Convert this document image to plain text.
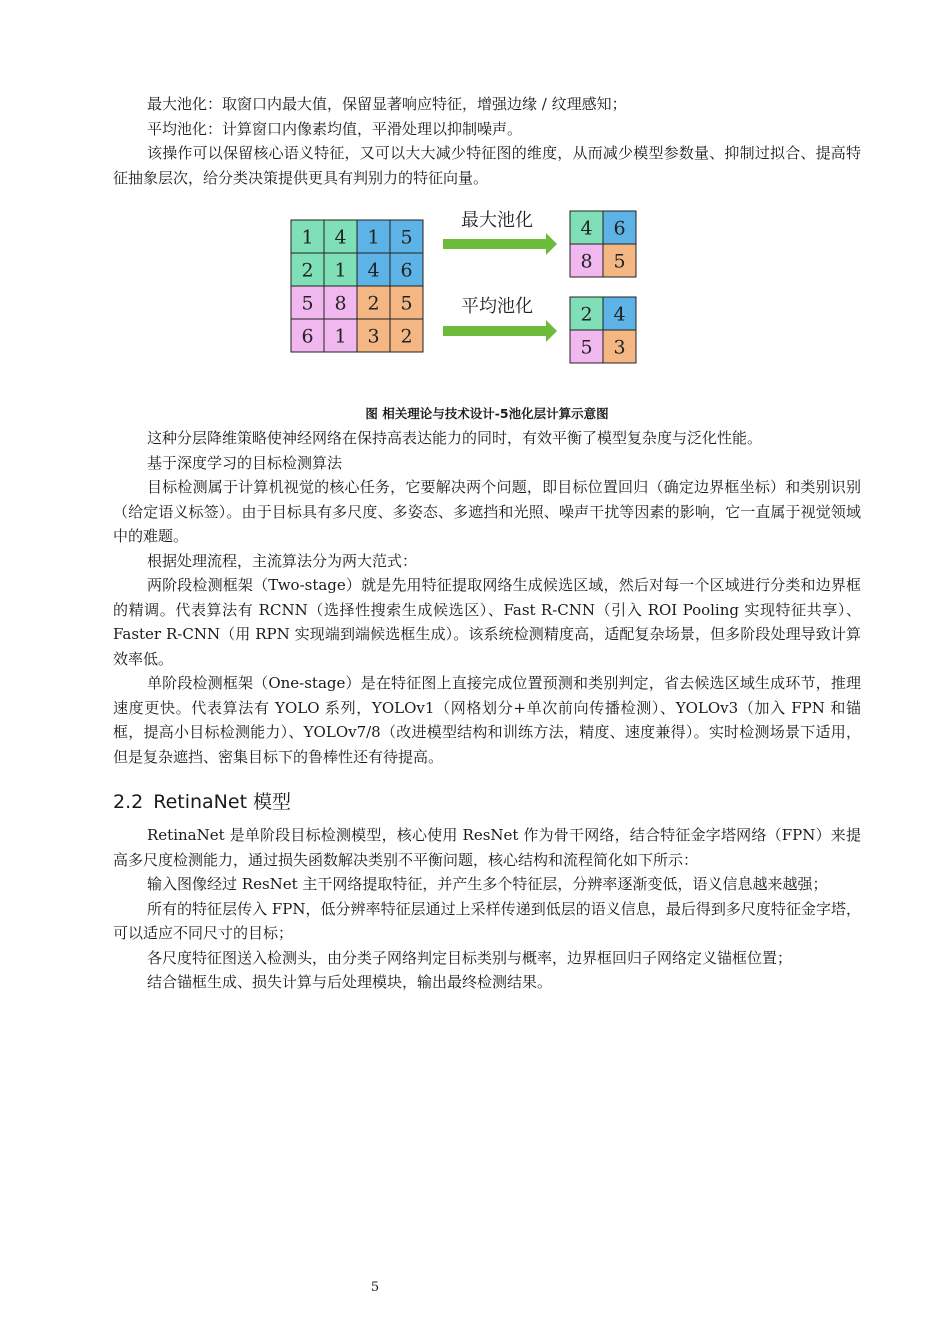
最大池化：取窗口内最大值，保留显著响应特征，增强边缘 / 纹理感知；

平均池化：计算窗口内像素均值，平滑处理以抑制噪声。

该操作可以保留核心语义特征，又可以大大减少特征图的维度，从而减少模型参数量、抑制过拟合、提高特征抽象层次，给分类决策提供更具有判别力的特征向量。

1 4 1 5
2 1 4 6
5 8 2 5
6 1 3 2
4 6
8 5
2 4
5 3
最大池化
平均池化
图 相关理论与技术设计-5池化层计算示意图

这种分层降维策略使神经网络在保持高表达能力的同时，有效平衡了模型复杂度与泛化性能。

基于深度学习的目标检测算法

目标检测属于计算机视觉的核心任务，它要解决两个问题，即目标位置回归（确定边界框坐标）和类别识别（给定语义标签）。由于目标具有多尺度、多姿态、多遮挡和光照、噪声干扰等因素的影响，它一直属于视觉领域中的难题。

根据处理流程，主流算法分为两大范式：

两阶段检测框架（Two-stage）就是先用特征提取网络生成候选区域，然后对每一个区域进行分类和边界框的精调。代表算法有 RCNN（选择性搜索生成候选区）、Fast R-CNN（引入 ROI Pooling 实现特征共享）、Faster R-CNN（用 RPN 实现端到端候选框生成）。该系统检测精度高，适配复杂场景，但多阶段处理导致计算效率低。

单阶段检测框架（One-stage）是在特征图上直接完成位置预测和类别判定，省去候选区域生成环节，推理速度更快。代表算法有 YOLO 系列，YOLOv1（网格划分+单次前向传播检测）、YOLOv3（加入 FPN 和锚框，提高小目标检测能力）、YOLOv7/8（改进模型结构和训练方法，精度、速度兼得）。实时检测场景下适用，但是复杂遮挡、密集目标下的鲁棒性还有待提高。

2.2 RetinaNet 模型

RetinaNet 是单阶段目标检测模型，核心使用 ResNet 作为骨干网络，结合特征金字塔网络（FPN）来提高多尺度检测能力，通过损失函数解决类别不平衡问题，核心结构和流程简化如下所示：

输入图像经过 ResNet 主干网络提取特征，并产生多个特征层，分辨率逐渐变低，语义信息越来越强；

所有的特征层传入 FPN，低分辨率特征层通过上采样传递到低层的语义信息，最后得到多尺度特征金字塔，可以适应不同尺寸的目标；

各尺度特征图送入检测头，由分类子网络判定目标类别与概率，边界框回归子网络定义锚框位置；

结合锚框生成、损失计算与后处理模块，输出最终检测结果。

5
